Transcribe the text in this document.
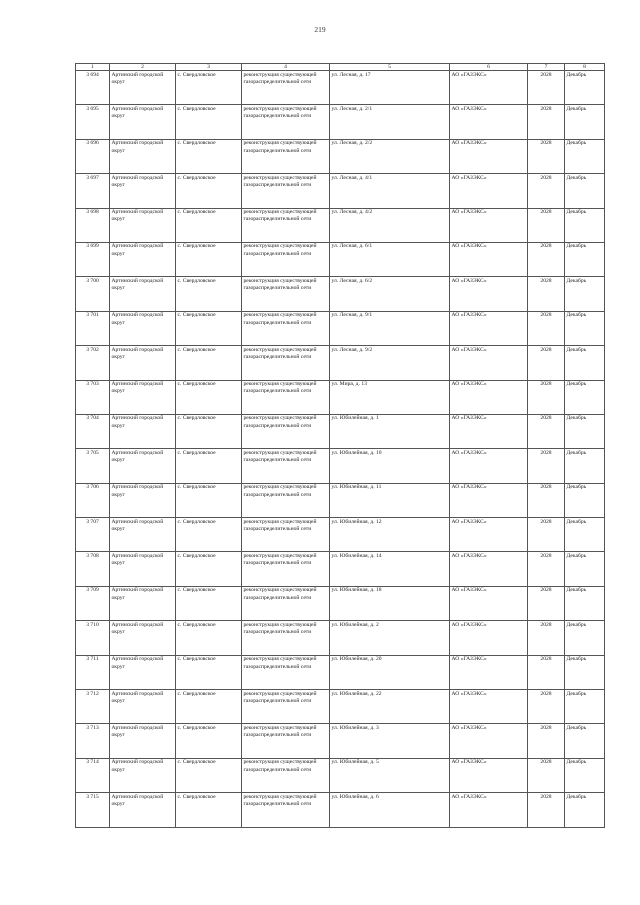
219
1	2	3	4	5	6	7	8
3 694	Артинский городской округ	с. Свердловское	реконструкция существующей газораспределительной сети	ул. Лесная, д. 17	АО «ГАЗЭКС»	2028	Декабрь
3 695	Артинский городской округ	с. Свердловское	реконструкция существующей газораспределительной сети	ул. Лесная, д. 2/1	АО «ГАЗЭКС»	2028	Декабрь
3 696	Артинский городской округ	с. Свердловское	реконструкция существующей газораспределительной сети	ул. Лесная, д. 2/2	АО «ГАЗЭКС»	2028	Декабрь
3 697	Артинский городской округ	с. Свердловское	реконструкция существующей газораспределительной сети	ул. Лесная, д. 4/1	АО «ГАЗЭКС»	2028	Декабрь
3 698	Артинский городской округ	с. Свердловское	реконструкция существующей газораспределительной сети	ул. Лесная, д. 4/2	АО «ГАЗЭКС»	2028	Декабрь
3 699	Артинский городской округ	с. Свердловское	реконструкция существующей газораспределительной сети	ул. Лесная, д. 6/1	АО «ГАЗЭКС»	2028	Декабрь
3 700	Артинский городской округ	с. Свердловское	реконструкция существующей газораспределительной сети	ул. Лесная, д. 6/2	АО «ГАЗЭКС»	2028	Декабрь
3 701	Артинский городской округ	с. Свердловское	реконструкция существующей газораспределительной сети	ул. Лесная, д. 9/1	АО «ГАЗЭКС»	2028	Декабрь
3 702	Артинский городской округ	с. Свердловское	реконструкция существующей газораспределительной сети	ул. Лесная, д. 9/2	АО «ГАЗЭКС»	2028	Декабрь
3 703	Артинский городской округ	с. Свердловское	реконструкция существующей газораспределительной сети	ул. Мира, д. 13	АО «ГАЗЭКС»	2028	Декабрь
3 704	Артинский городской округ	с. Свердловское	реконструкция существующей газораспределительной сети	ул. Юбилейная, д. 1	АО «ГАЗЭКС»	2028	Декабрь
3 705	Артинский городской округ	с. Свердловское	реконструкция существующей газораспределительной сети	ул. Юбилейная, д. 10	АО «ГАЗЭКС»	2028	Декабрь
3 706	Артинский городской округ	с. Свердловское	реконструкция существующей газораспределительной сети	ул. Юбилейная, д. 11	АО «ГАЗЭКС»	2028	Декабрь
3 707	Артинский городской округ	с. Свердловское	реконструкция существующей газораспределительной сети	ул. Юбилейная, д. 12	АО «ГАЗЭКС»	2028	Декабрь
3 708	Артинский городской округ	с. Свердловское	реконструкция существующей газораспределительной сети	ул. Юбилейная, д. 14	АО «ГАЗЭКС»	2028	Декабрь
3 709	Артинский городской округ	с. Свердловское	реконструкция существующей газораспределительной сети	ул. Юбилейная, д. 18	АО «ГАЗЭКС»	2028	Декабрь
3 710	Артинский городской округ	с. Свердловское	реконструкция существующей газораспределительной сети	ул. Юбилейная, д. 2	АО «ГАЗЭКС»	2028	Декабрь
3 711	Артинский городской округ	с. Свердловское	реконструкция существующей газораспределительной сети	ул. Юбилейная, д. 20	АО «ГАЗЭКС»	2028	Декабрь
3 712	Артинский городской округ	с. Свердловское	реконструкция существующей газораспределительной сети	ул. Юбилейная, д. 22	АО «ГАЗЭКС»	2028	Декабрь
3 713	Артинский городской округ	с. Свердловское	реконструкция существующей газораспределительной сети	ул. Юбилейная, д. 3	АО «ГАЗЭКС»	2028	Декабрь
3 714	Артинский городской округ	с. Свердловское	реконструкция существующей газораспределительной сети	ул. Юбилейная, д. 5	АО «ГАЗЭКС»	2028	Декабрь
3 715	Артинский городской округ	с. Свердловское	реконструкция существующей газораспределительной сети	ул. Юбилейная, д. 6	АО «ГАЗЭКС»	2028	Декабрь
